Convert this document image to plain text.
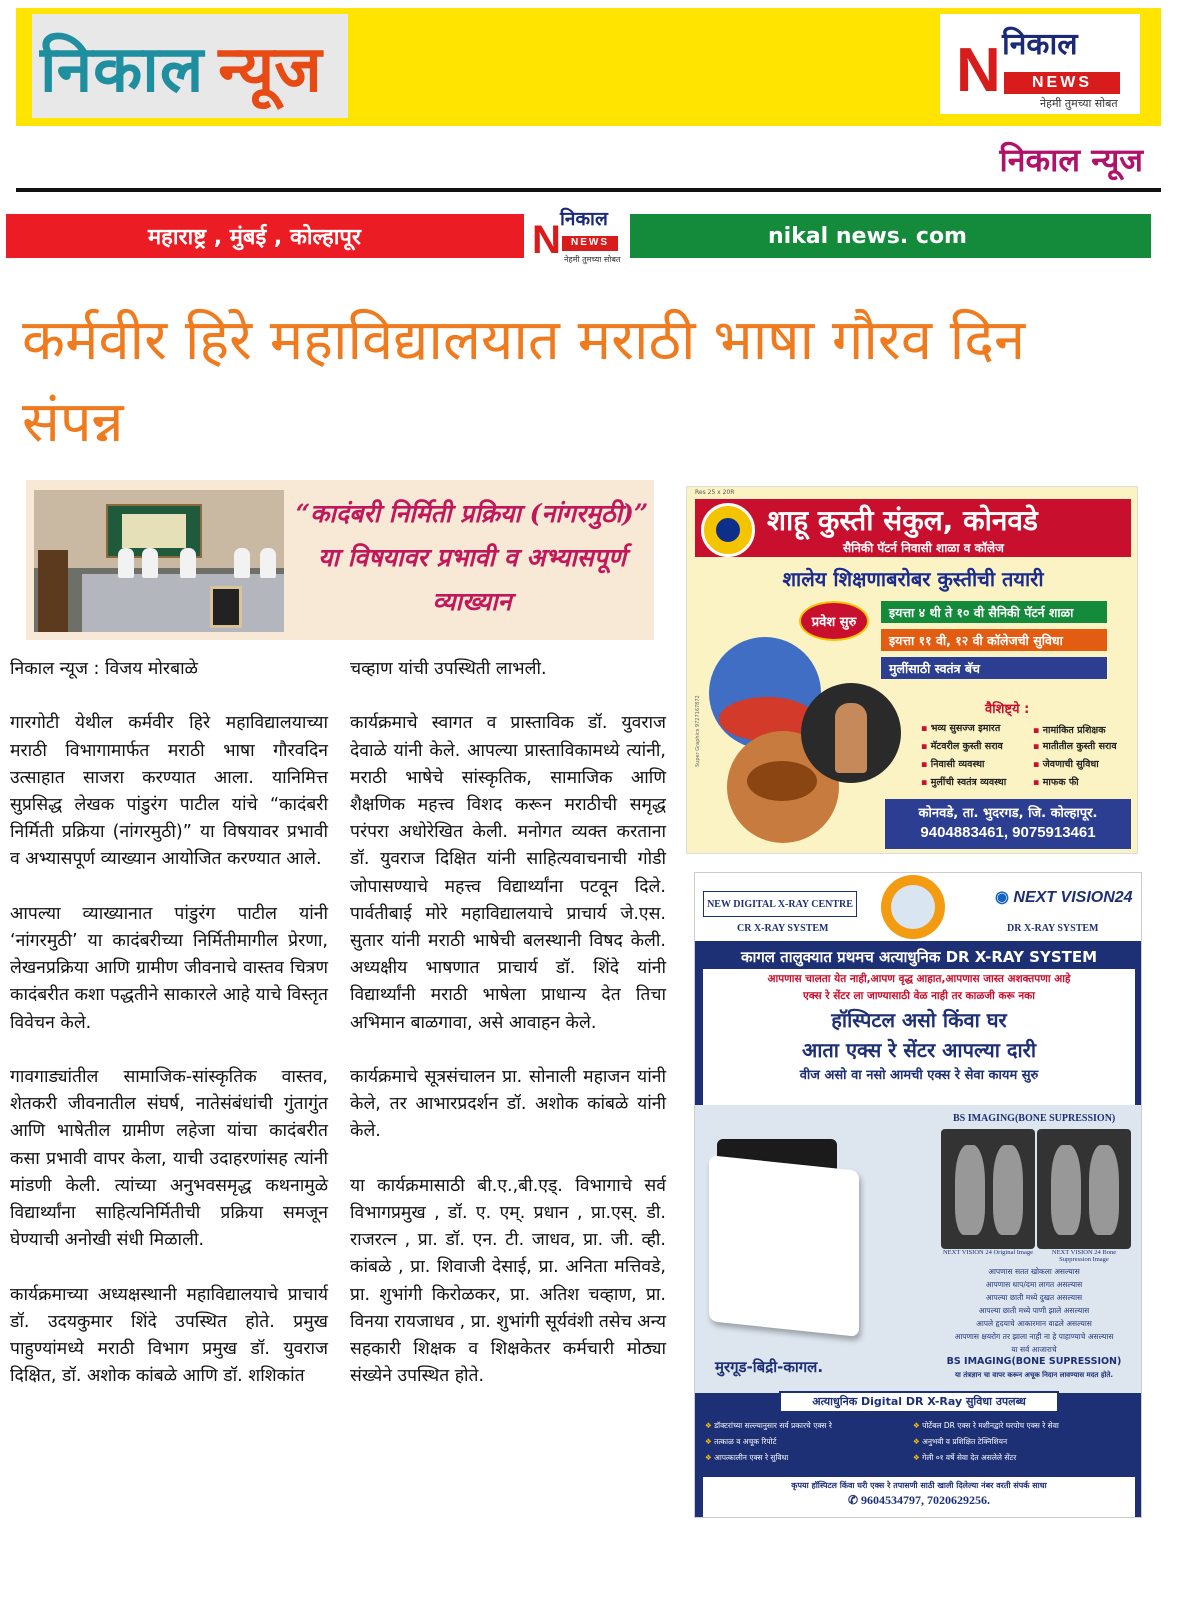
निकाल न्यूज	N निकाल
NEWS
नेहमी तुमच्या सोबत
निकाल न्यूज
महाराष्ट्र , मुंबई , कोल्हापूर	N निकाल
NEWS
नेहमी तुमच्या सोबत
nikal news. com
कर्मवीर हिरे महाविद्यालयात मराठी भाषा गौरव दिन संपन्न
“कादंबरी निर्मिती प्रक्रिया (नांगरमुठी)” या विषयावर प्रभावी व अभ्यासपूर्ण व्याख्यान

निकाल न्यूज : विजय मोरबाळे

गारगोटी येथील कर्मवीर हिरे महाविद्यालयाच्या मराठी विभागामार्फत मराठी भाषा गौरवदिन उत्साहात साजरा करण्यात आला. यानिमित्त सुप्रसिद्ध लेखक पांडुरंग पाटील यांचे “कादंबरी निर्मिती प्रक्रिया (नांगरमुठी)” या विषयावर प्रभावी व अभ्यासपूर्ण व्याख्यान आयोजित करण्यात आले.

आपल्या व्याख्यानात पांडुरंग पाटील यांनी ‘नांगरमुठी’ या कादंबरीच्या निर्मितीमागील प्रेरणा, लेखनप्रक्रिया आणि ग्रामीण जीवनाचे वास्तव चित्रण कादंबरीत कशा पद्धतीने साकारले आहे याचे विस्तृत विवेचन केले.

गावगाड्यांतील सामाजिक-सांस्कृतिक वास्तव, शेतकरी जीवनातील संघर्ष, नातेसंबंधांची गुंतागुंत आणि भाषेतील ग्रामीण लहेजा यांचा कादंबरीत कसा प्रभावी वापर केला, याची उदाहरणांसह त्यांनी मांडणी केली. त्यांच्या अनुभवसमृद्ध कथनामुळे विद्यार्थ्यांना साहित्यनिर्मितीची प्रक्रिया समजून घेण्याची अनोखी संधी मिळाली.

कार्यक्रमाच्या अध्यक्षस्थानी महाविद्यालयाचे प्राचार्य डॉ. उदयकुमार शिंदे उपस्थित होते. प्रमुख पाहुण्यांमध्ये मराठी विभाग प्रमुख डॉ. युवराज दिक्षित, डॉ. अशोक कांबळे आणि डॉ. शशिकांत

चव्हाण यांची उपस्थिती लाभली.

कार्यक्रमाचे स्वागत व प्रास्ताविक डॉ. युवराज देवाळे यांनी केले. आपल्या प्रास्ताविकामध्ये त्यांनी, मराठी भाषेचे सांस्कृतिक, सामाजिक आणि शैक्षणिक महत्त्व विशद करून मराठीची समृद्ध परंपरा अधोरेखित केली. मनोगत व्यक्त करताना डॉ. युवराज दिक्षित यांनी साहित्यवाचनाची गोडी जोपासण्याचे महत्त्व विद्यार्थ्यांना पटवून दिले. पार्वतीबाई मोरे महाविद्यालयाचे प्राचार्य जे.एस. सुतार यांनी मराठी भाषेची बलस्थानी विषद केली. अध्यक्षीय भाषणात प्राचार्य डॉ. शिंदे यांनी विद्यार्थ्यांनी मराठी भाषेला प्राधान्य देत तिचा अभिमान बाळगावा, असे आवाहन केले.

कार्यक्रमाचे सूत्रसंचालन प्रा. सोनाली महाजन यांनी केले, तर आभारप्रदर्शन डॉ. अशोक कांबळे यांनी केले.

या कार्यक्रमासाठी बी.ए.,बी.एड्. विभागाचे सर्व विभागप्रमुख , डॉ. ए. एम्. प्रधान , प्रा.एस्. डी. राजरत्न , प्रा. डॉ. एन. टी. जाधव, प्रा. जी. व्ही. कांबळे , प्रा. शिवाजी देसाई, प्रा. अनिता मत्तिवडे, प्रा. शुभांगी किरोळकर, प्रा. अतिश चव्हाण, प्रा. विनया रायजाधव , प्रा. शुभांगी सूर्यवंशी तसेच अन्य सहकारी शिक्षक व शिक्षकेतर कर्मचारी मोठ्या संख्येने उपस्थित होते.

Res 25 x 20R
शाहू कुस्ती संकुल, कोनवडे
सैनिकी पॅटर्न निवासी शाळा व कॉलेज
शालेय शिक्षणाबरोबर कुस्तीची तयारी
प्रवेश सुरु
इयत्ता ४ थी ते १० वी सैनिकी पॅटर्न शाळा
इयत्ता ११ वी, १२ वी कॉलेजची सुविधा
मुलींसाठी स्वतंत्र बॅच
वैशिष्ट्ये :
▪ भव्य सुसज्ज इमारत	▪ नामांकित प्रशिक्षक
▪ मॅटवरील कुस्ती सराव	▪ मातीतील कुस्ती सराव
▪ निवासी व्यवस्था	▪ जेवणाची सुविधा
▪ मुलींची स्वतंत्र व्यवस्था	▪ माफक फी
कोनवडे, ता. भुदरगड, जि. कोल्हापूर.
9404883461, 9075913461
Super Graphics 9727167872
NEW DIGITAL X-RAY CENTRE
CR X-RAY SYSTEM
◉ NEXT VISION24
DR X-RAY SYSTEM
कागल तालुक्यात प्रथमच अत्याधुनिक DR X-RAY SYSTEM
आपणास चालता येत नाही,आपण वृद्ध आहात,आपणास जास्त अशक्तपणा आहे
एक्स रे सेंटर ला जाण्यासाठी वेळ नाही तर काळजी करू नका
हॉस्पिटल असो किंवा घर
आता एक्स रे सेंटर आपल्या दारी
वीज असो वा नसो आमची एक्स रे सेवा कायम सुरु
BS IMAGING(BONE SUPRESSION)
NEXT VISION 24 Original Image	NEXT VISION 24 Bone Suppression Image
आपणास सतत खोकला असल्यास
आपणास धाप/दमा लागत असल्यास
आपल्या छाती मध्ये दुखत असल्यास
आपल्या छाती मध्ये पाणी झाले असल्यास
आपले हृदयाचे आकारमान वाढले असल्यास
आपणास क्षयरोग तर झाला नाही ना हे पाहाण्याचे असल्यास
या सर्व आजाराचे
BS IMAGING(BONE SUPRESSION)
या तंत्रज्ञान चा वापर करून अचूक निदान लावण्यास मदत होते.
मुरगूड-बिद्री-कागल.
अत्याधुनिक Digital DR X-Ray सुविधा उपलब्ध
❖ डॉक्टरांच्या सल्ल्यानुसार सर्व प्रकारचे एक्स रे	❖ पोर्टेबल DR एक्स रे मशीनद्वारे घरपोच एक्स रे सेवा
❖ तत्काळ व अचूक रिपोर्ट	❖ अनुभवी व प्रशिक्षित टेक्निशियन
❖ आपत्कालीन एक्स रे सुविधा	❖ गेली ०१ वर्षे सेवा देत असलेले सेंटर
कृपया हॉस्पिटल किंवा घरी एक्स रे तपासणी साठी खाली दिलेल्या नंबर वरती संपर्क साधा
✆ 9604534797, 7020629256.
